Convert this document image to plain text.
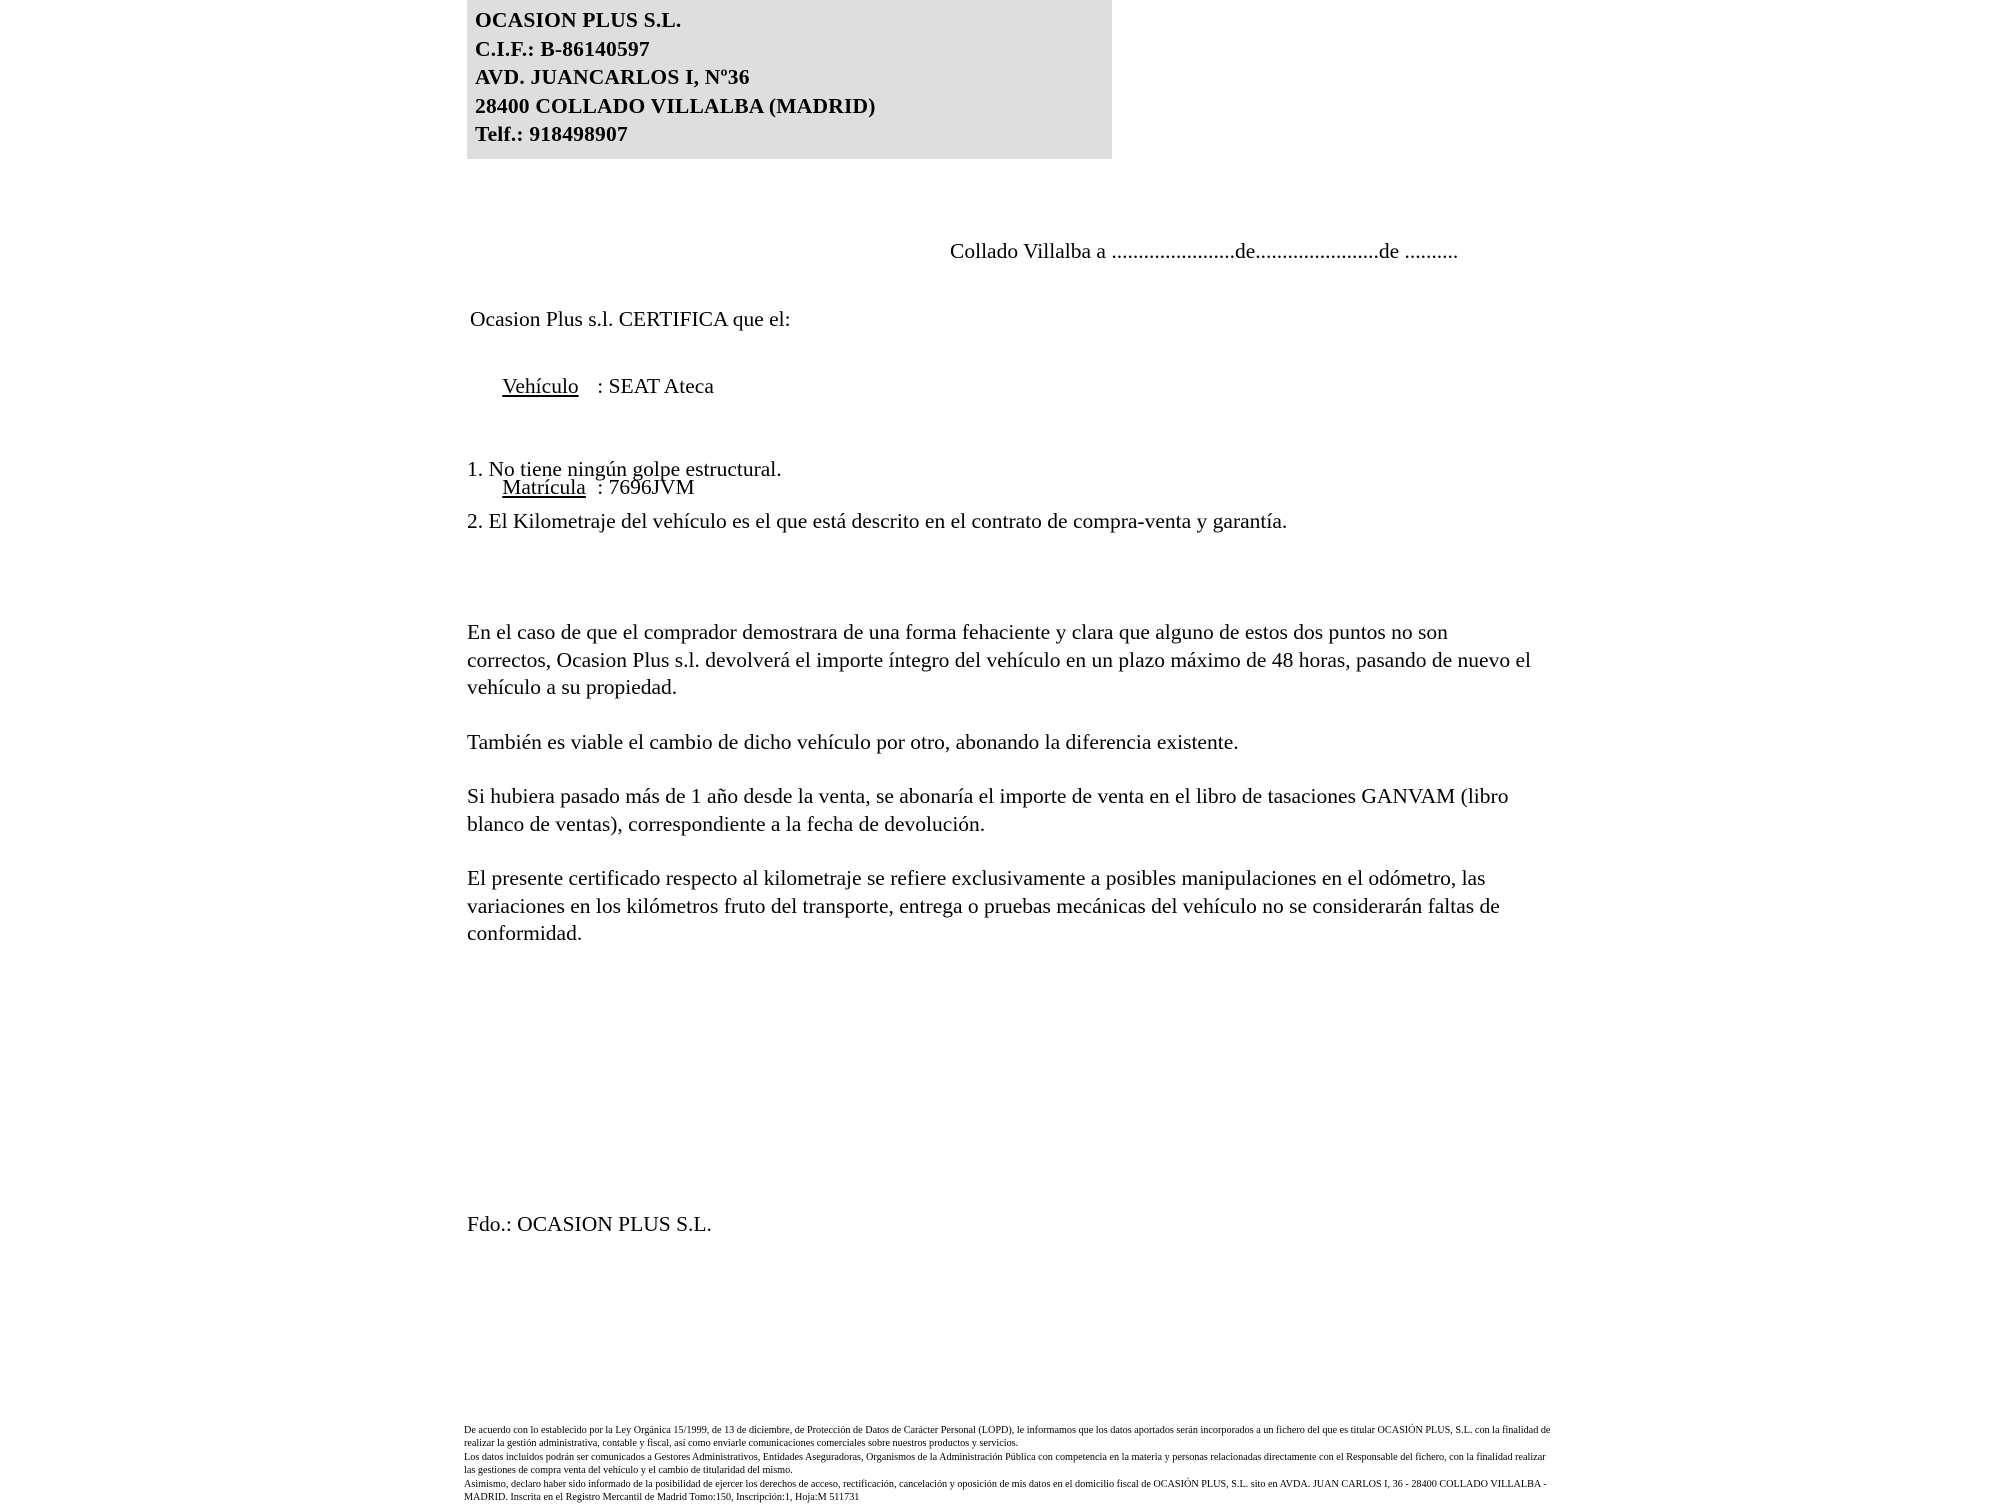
OCASION PLUS S.L.
C.I.F.: B-86140597
AVD. JUANCARLOS I, Nº36
28400 COLLADO VILLALBA (MADRID)
Telf.: 918498907
Collado Villalba a .......................de.......................de ..........
Ocasion Plus s.l. CERTIFICA que el:

Vehículo : SEAT Ateca

Matrícula : 7696JVM

1. No tiene ningún golpe estructural.
2. El Kilometraje del vehículo es el que está descrito en el contrato de compra-venta y garantía.

En el caso de que el comprador demostrara de una forma fehaciente y clara que alguno de estos dos puntos no son correctos, Ocasion Plus s.l. devolverá el importe íntegro del vehículo en un plazo máximo de 48 horas, pasando de nuevo el vehículo a su propiedad.

También es viable el cambio de dicho vehículo por otro, abonando la diferencia existente.

Si hubiera pasado más de 1 año desde la venta, se abonaría el importe de venta en el libro de tasaciones GANVAM (libro blanco de ventas), correspondiente a la fecha de devolución.

El presente certificado respecto al kilometraje se refiere exclusivamente a posibles manipulaciones en el odómetro, las variaciones en los kilómetros fruto del transporte, entrega o pruebas mecánicas del vehículo no se considerarán faltas de conformidad.

Fdo.: OCASION PLUS S.L.
De acuerdo con lo establecido por la Ley Orgánica 15/1999, de 13 de diciembre, de Protección de Datos de Carácter Personal (LOPD), le informamos que los datos aportados serán incorporados a un fichero del que es titular OCASIÓN PLUS, S.L. con la finalidad de realizar la gestión administrativa, contable y fiscal, así como enviarle comunicaciones comerciales sobre nuestros productos y servicios.
Los datos incluidos podrán ser comunicados a Gestores Administrativos, Entidades Aseguradoras, Organismos de la Administración Pública con competencia en la materia y personas relacionadas directamente con el Responsable del fichero, con la finalidad realizar las gestiones de compra venta del vehículo y el cambio de titularidad del mismo.
Asimismo, declaro haber sido informado de la posibilidad de ejercer los derechos de acceso, rectificación, cancelación y oposición de mis datos en el domicilio fiscal de OCASIÓN PLUS, S.L. sito en AVDA. JUAN CARLOS I, 36 - 28400 COLLADO VILLALBA - MADRID. Inscrita en el Registro Mercantil de Madrid Tomo:150, Inscripción:1, Hoja:M 511731
